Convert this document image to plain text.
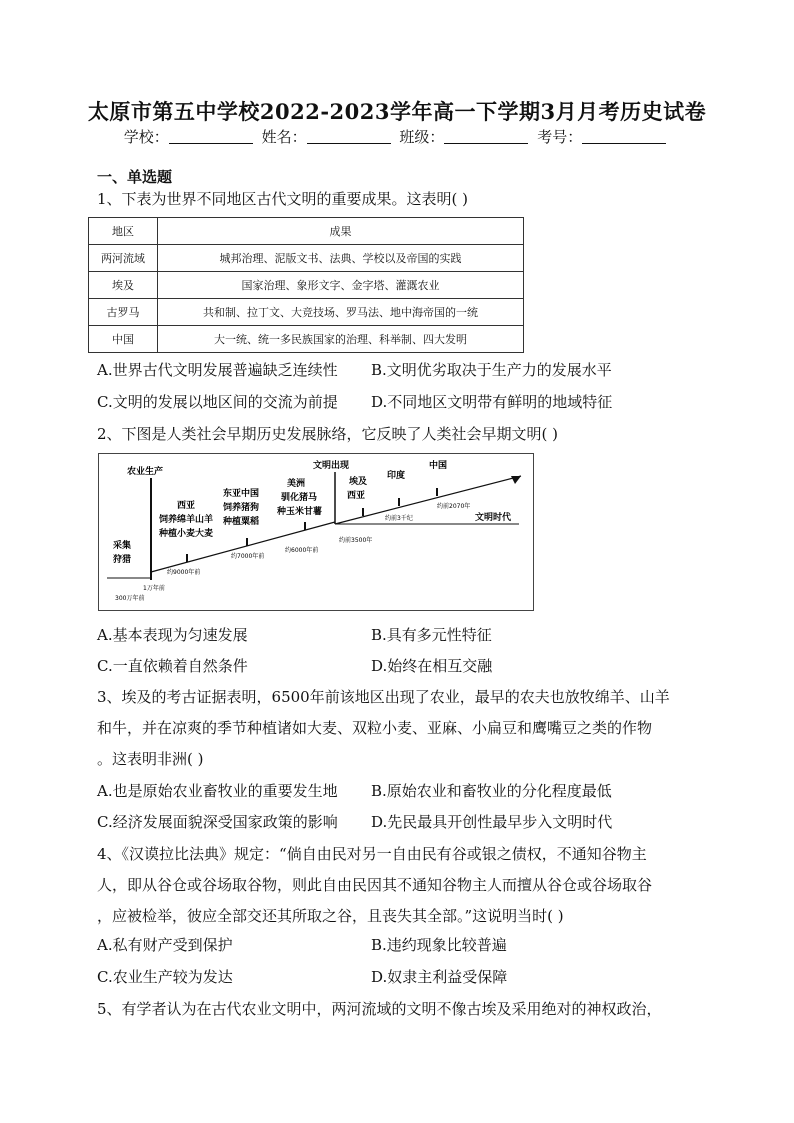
太原市第五中学校2022-2023学年高一下学期3月月考历史试卷
学校：	姓名：	班级：	考号：
一、单选题
1、下表为世界不同地区古代文明的重要成果。这表明( )
地区	成果
两河流域	城邦治理、泥版文书、法典、学校以及帝国的实践
埃及	国家治理、象形文字、金字塔、灌溉农业
古罗马	共和制、拉丁文、大竞技场、罗马法、地中海帝国的一统
中国	大一统、统一多民族国家的治理、科举制、四大发明
A.世界古代文明发展普遍缺乏连续性 B.文明优劣取决于生产力的发展水平
C.文明的发展以地区间的交流为前提 D.不同地区文明带有鲜明的地域特征
2、下图是人类社会早期历史发展脉络，它反映了人类社会早期文明( )
采集
狩猎
农业生产
西亚
饲养绵羊山羊
种植小麦大麦
东亚中国
饲养猪狗
种植粟稻
美洲
驯化猪马
种玉米甘薯
文明出现
埃及
西亚
印度
中国
文明时代
1万年前
300万年前
约9000年前
约7000年前
约6000年前
约前3500年
约前3千纪
约前2070年
A.基本表现为匀速发展	B.具有多元性特征
C.一直依赖着自然条件	D.始终在相互交融
3、埃及的考古证据表明，6500年前该地区出现了农业，最早的农夫也放牧绵羊、山羊
和牛，并在凉爽的季节种植诸如大麦、双粒小麦、亚麻、小扁豆和鹰嘴豆之类的作物
。这表明非洲( )
A.也是原始农业畜牧业的重要发生地 B.原始农业和畜牧业的分化程度最低
C.经济发展面貌深受国家政策的影响 D.先民最具开创性最早步入文明时代
4、《汉谟拉比法典》规定：“倘自由民对另一自由民有谷或银之债权，不通知谷物主
人，即从谷仓或谷场取谷物，则此自由民因其不通知谷物主人而擅从谷仓或谷场取谷
，应被检举，彼应全部交还其所取之谷，且丧失其全部。”这说明当时( )
A.私有财产受到保护	B.违约现象比较普遍
C.农业生产较为发达	D.奴隶主利益受保障
5、有学者认为在古代农业文明中，两河流域的文明不像古埃及采用绝对的神权政治，
